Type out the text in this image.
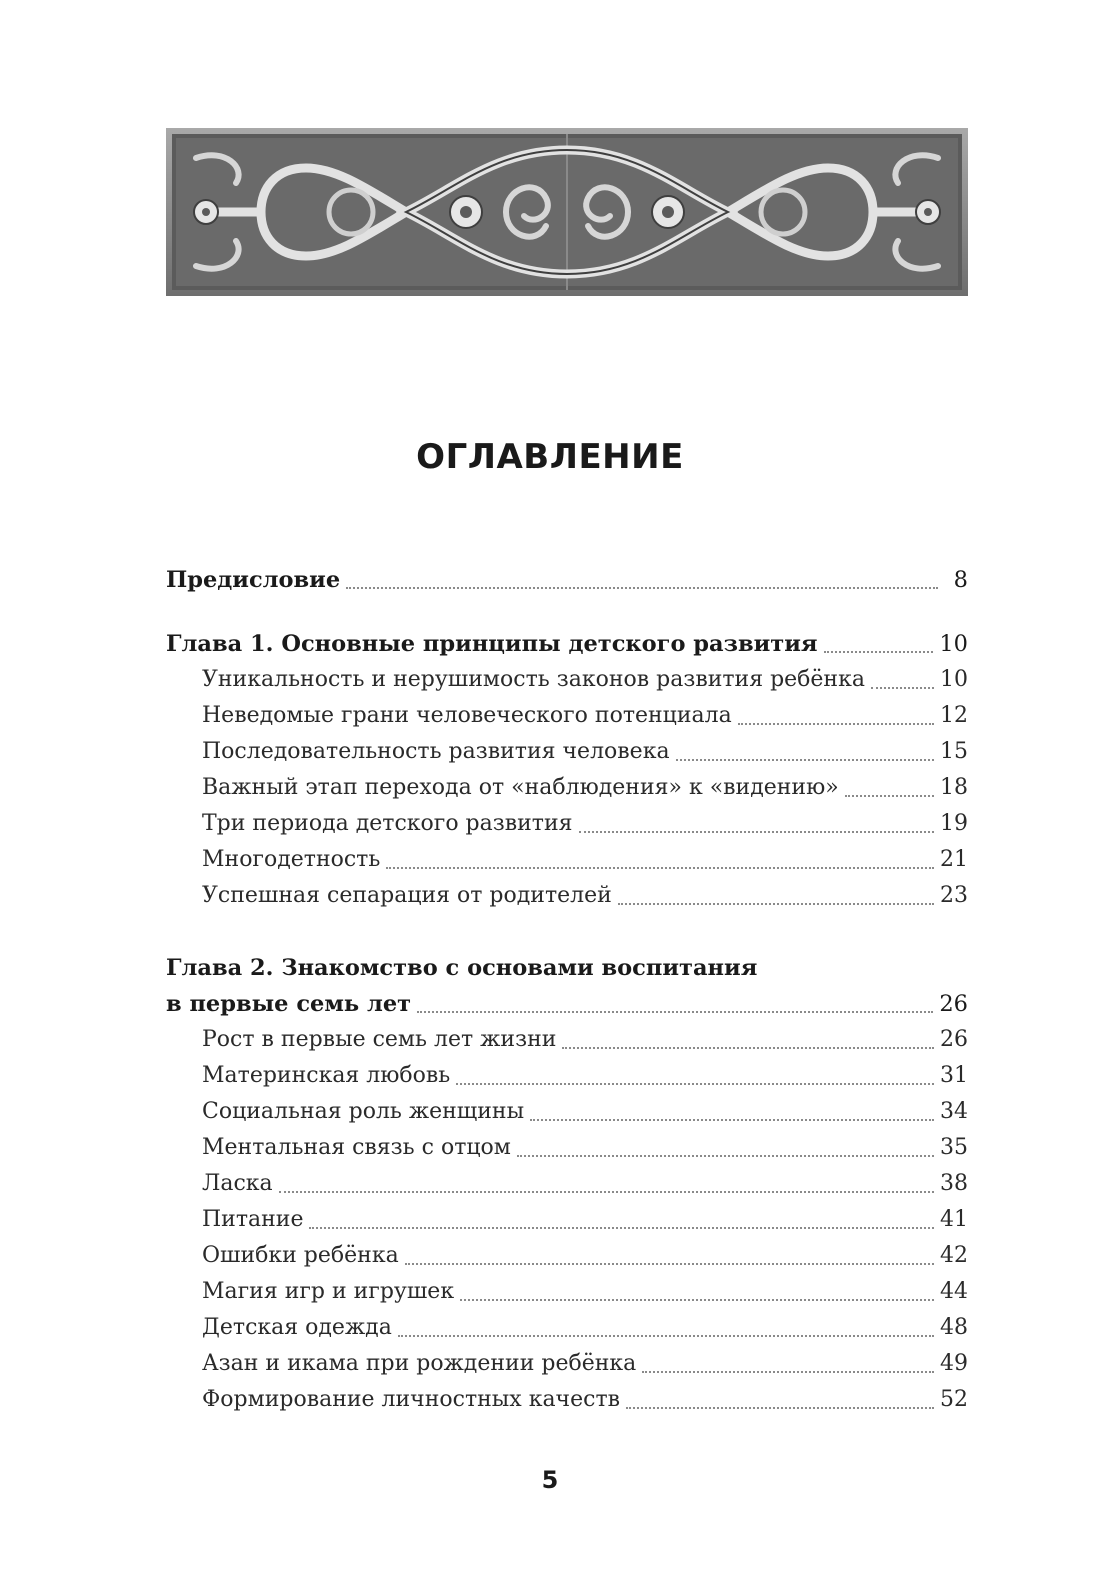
ОГЛАВЛЕНИЕ
Предисловие	8
Глава 1. Основные принципы детского развития	10
Уникальность и нерушимость законов развития ребёнка	10
Неведомые грани человеческого потенциала	12
Последовательность развития человека	15
Важный этап перехода от «наблюдения» к «видению»	18
Три периода детского развития	19
Многодетность	21
Успешная сепарация от родителей	23
Глава 2. Знакомство с основами воспитания
в первые семь лет	26
Рост в первые семь лет жизни	26
Материнская любовь	31
Социальная роль женщины	34
Ментальная связь с отцом	35
Ласка	38
Питание	41
Ошибки ребёнка	42
Магия игр и игрушек	44
Детская одежда	48
Азан и икама при рождении ребёнка	49
Формирование личностных качеств	52
5
